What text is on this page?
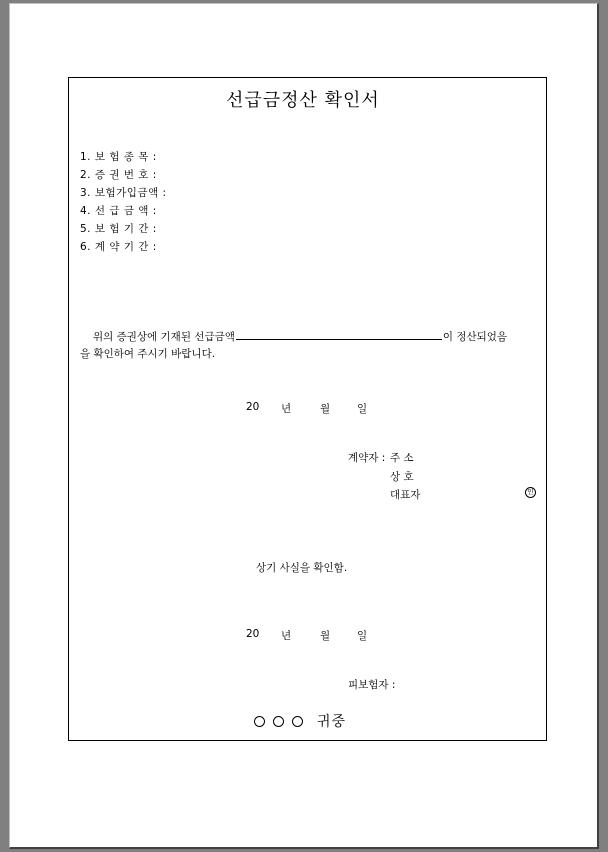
선급금정산 확인서
1. 보 험 종 목 :
2. 증 권 번 호 :
3. 보험가입금액 :
4. 선 급 금 액 :
5. 보 험 기 간 :
6. 계 약 기 간 :
위의 증권상에 기재된 선급금액	이 정산되었음
을 확인하여 주시기 바랍니다.
20 년	월	일
계약자 : 주 소
상 호
대표자	인
상기 사실을 확인함.
20 년	월	일
피보험자 :
귀중
